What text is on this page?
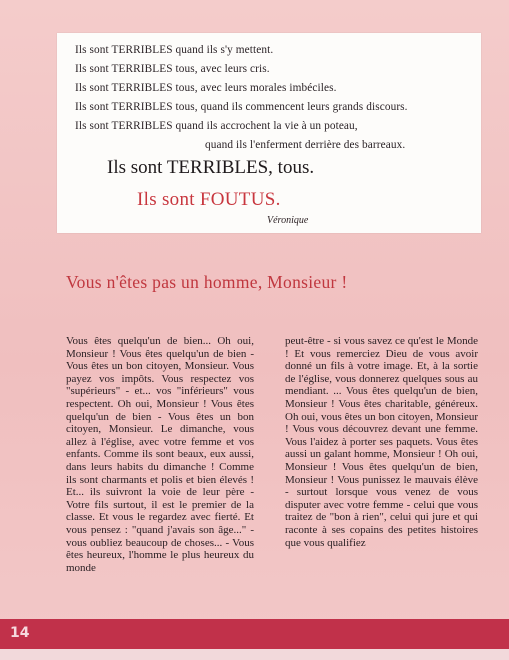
Ils sont TERRIBLES quand ils s'y mettent.
Ils sont TERRIBLES tous, avec leurs cris.
Ils sont TERRIBLES tous, avec leurs morales imbéciles.
Ils sont TERRIBLES tous, quand ils commencent leurs grands discours.
Ils sont TERRIBLES quand ils accrochent la vie à un poteau,
quand ils l'enferment derrière des barreaux.
Ils sont TERRIBLES, tous.
Ils sont FOUTUS.
Véronique
Vous n'êtes pas un homme, Monsieur !

Vous êtes quelqu'un de bien... Oh oui, Monsieur ! Vous êtes quelqu'un de bien - Vous êtes un bon citoyen, Monsieur. Vous payez vos impôts. Vous respectez vos "supérieurs" - et... vos "inférieurs" vous respectent. Oh oui, Monsieur ! Vous êtes quelqu'un de bien - Vous êtes un bon citoyen, Monsieur. Le dimanche, vous allez à l'église, avec votre femme et vos enfants. Comme ils sont beaux, eux aussi, dans leurs habits du dimanche ! Comme ils sont charmants et polis et bien élevés ! Et... ils suivront la voie de leur père - Votre fils surtout, il est le premier de la classe. Et vous le regardez avec fierté. Et vous pensez : "quand j'avais son âge..." - vous oubliez beaucoup de choses... - Vous êtes heureux, l'homme le plus heureux du monde

peut-être - si vous savez ce qu'est le Monde ! Et vous remerciez Dieu de vous avoir donné un fils à votre image. Et, à la sortie de l'église, vous donnerez quelques sous au mendiant. ... Vous êtes quelqu'un de bien, Monsieur ! Vous êtes charitable, généreux. Oh oui, vous êtes un bon citoyen, Monsieur ! Vous vous découvrez devant une femme. Vous l'aidez à porter ses paquets. Vous êtes aussi un galant homme, Monsieur ! Oh oui, Monsieur ! Vous êtes quelqu'un de bien, Monsieur ! Vous punissez le mauvais élève - surtout lorsque vous venez de vous disputer avec votre femme - celui que vous traitez de "bon à rien", celui qui jure et qui raconte à ses copains des petites histoires que vous qualifiez

14
